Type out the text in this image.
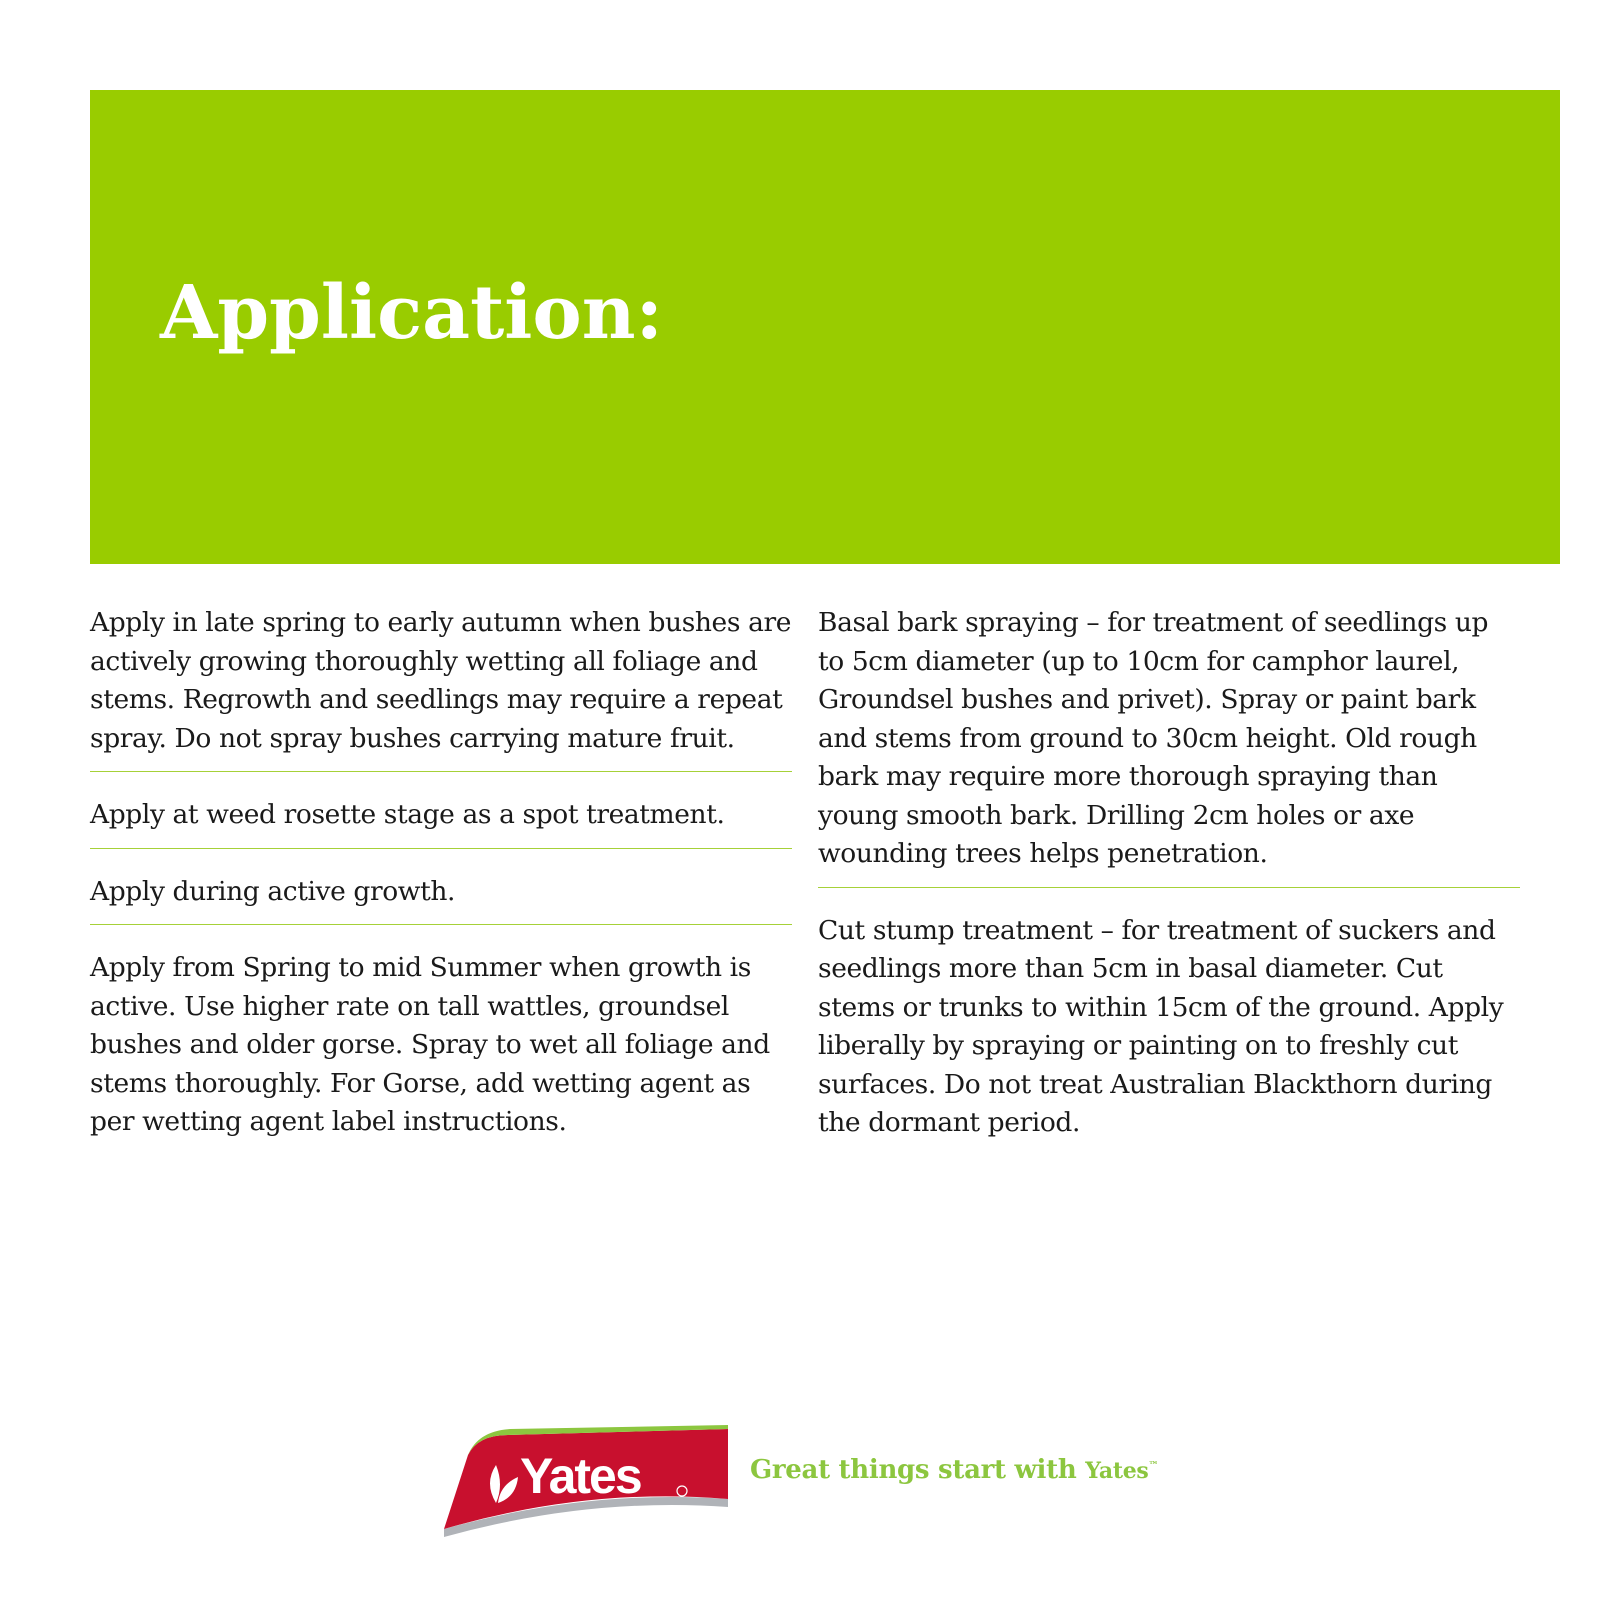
Application:

Apply in late spring to early autumn when bushes are actively growing thoroughly wetting all foliage and stems. Regrowth and seedlings may require a repeat spray. Do not spray bushes carrying mature fruit.

Apply at weed rosette stage as a spot treatment.

Apply during active growth.

Apply from Spring to mid Summer when growth is active. Use higher rate on tall wattles, groundsel bushes and older gorse. Spray to wet all foliage and stems thoroughly. For Gorse, add wetting agent as per wetting agent label instructions.

Basal bark spraying – for treatment of seedlings up to 5cm diameter (up to 10cm for camphor laurel, Groundsel bushes and privet). Spray or paint bark and stems from ground to 30cm height. Old rough bark may require more thorough spraying than young smooth bark. Drilling 2cm holes or axe wounding trees helps penetration.

Cut stump treatment – for treatment of suckers and seedlings more than 5cm in basal diameter. Cut stems or trunks to within 15cm of the ground. Apply liberally by spraying or painting on to freshly cut surfaces. Do not treat Australian Blackthorn during the dormant period.

Yates	Great things start with Yates™
